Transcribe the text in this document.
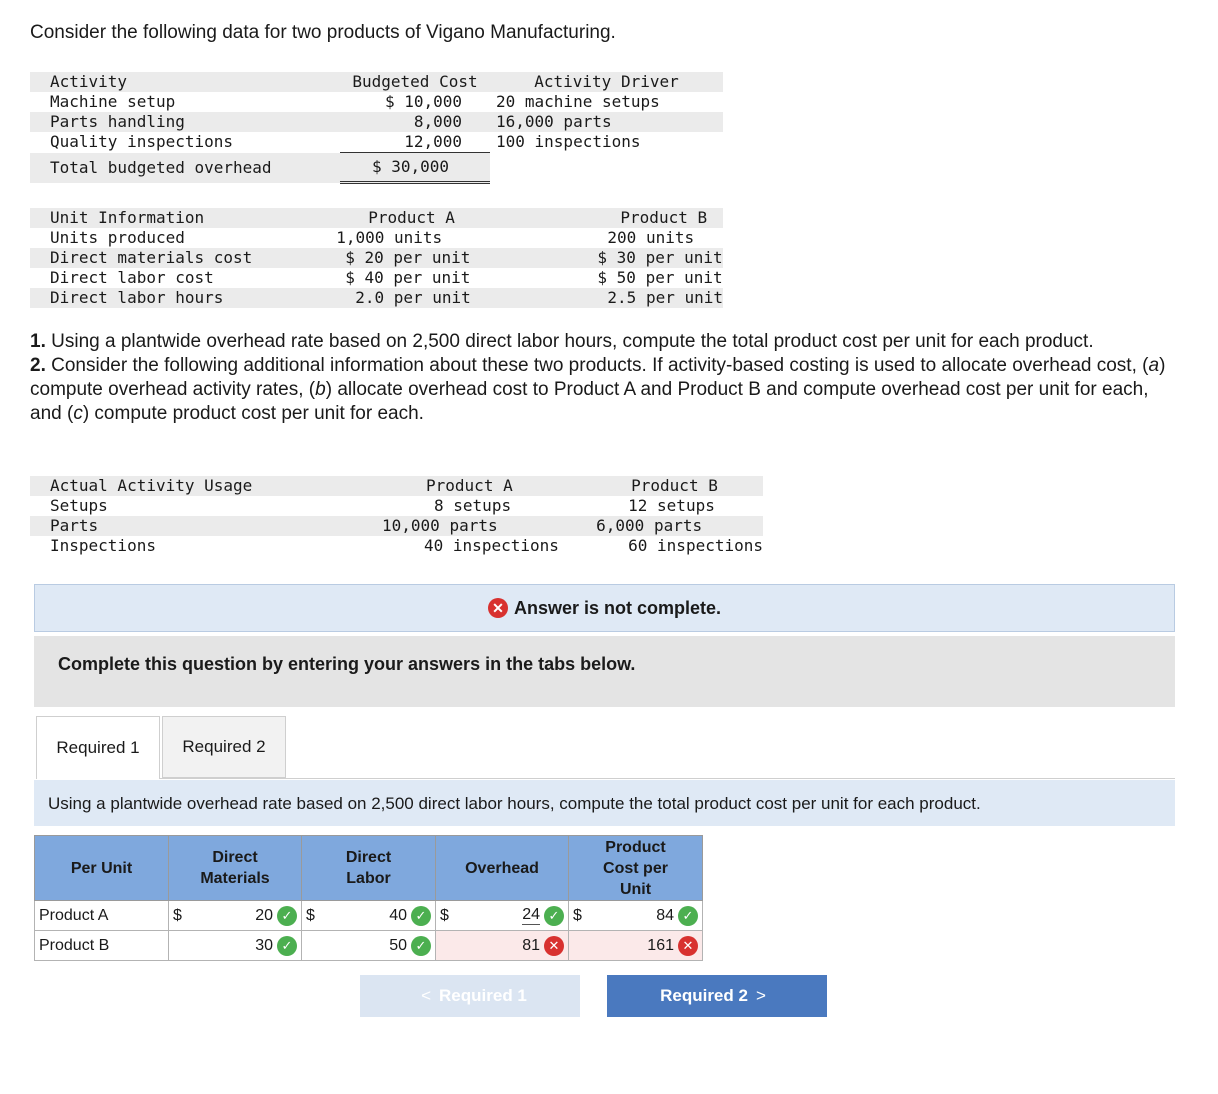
Consider the following data for two products of Vigano Manufacturing.
Activity	Budgeted Cost	Activity Driver
Machine setup	$ 10,000	20 machine setups
Parts handling	8,000	16,000 parts
Quality inspections	12,000	100 inspections
Total budgeted overhead	$ 30,000	
Unit Information	Product A	Product B
Units produced	1,000 units	200 units
Direct materials cost	$ 20 per unit	$ 30 per unit
Direct labor cost	$ 40 per unit	$ 50 per unit
Direct labor hours	2.0 per unit	2.5 per unit
1. Using a plantwide overhead rate based on 2,500 direct labor hours, compute the total product cost per unit for each product.
2. Consider the following additional information about these two products. If activity-based costing is used to allocate overhead cost, (a) compute overhead activity rates, (b) allocate overhead cost to Product A and Product B and compute overhead cost per unit for each, and (c) compute product cost per unit for each.
Actual Activity Usage	Product A	Product B
Setups	8 setups	12 setups
Parts	10,000 parts	6,000 parts
Inspections	40 inspections	60 inspections
✕ Answer is not complete.
Complete this question by entering your answers in the tabs below.
Required 1	Required 2
Using a plantwide overhead rate based on 2,500 direct labor hours, compute the total product cost per unit for each product.
Per Unit	Direct Materials		Direct Labor		Overhead		Product Cost per Unit	

Product A	$	20 ✓	$	40 ✓	$	24 ✓	$	84 ✓

Product B		30 ✓		50 ✓		81 ✕		161 ✕
< Required 1	Required 2 >
